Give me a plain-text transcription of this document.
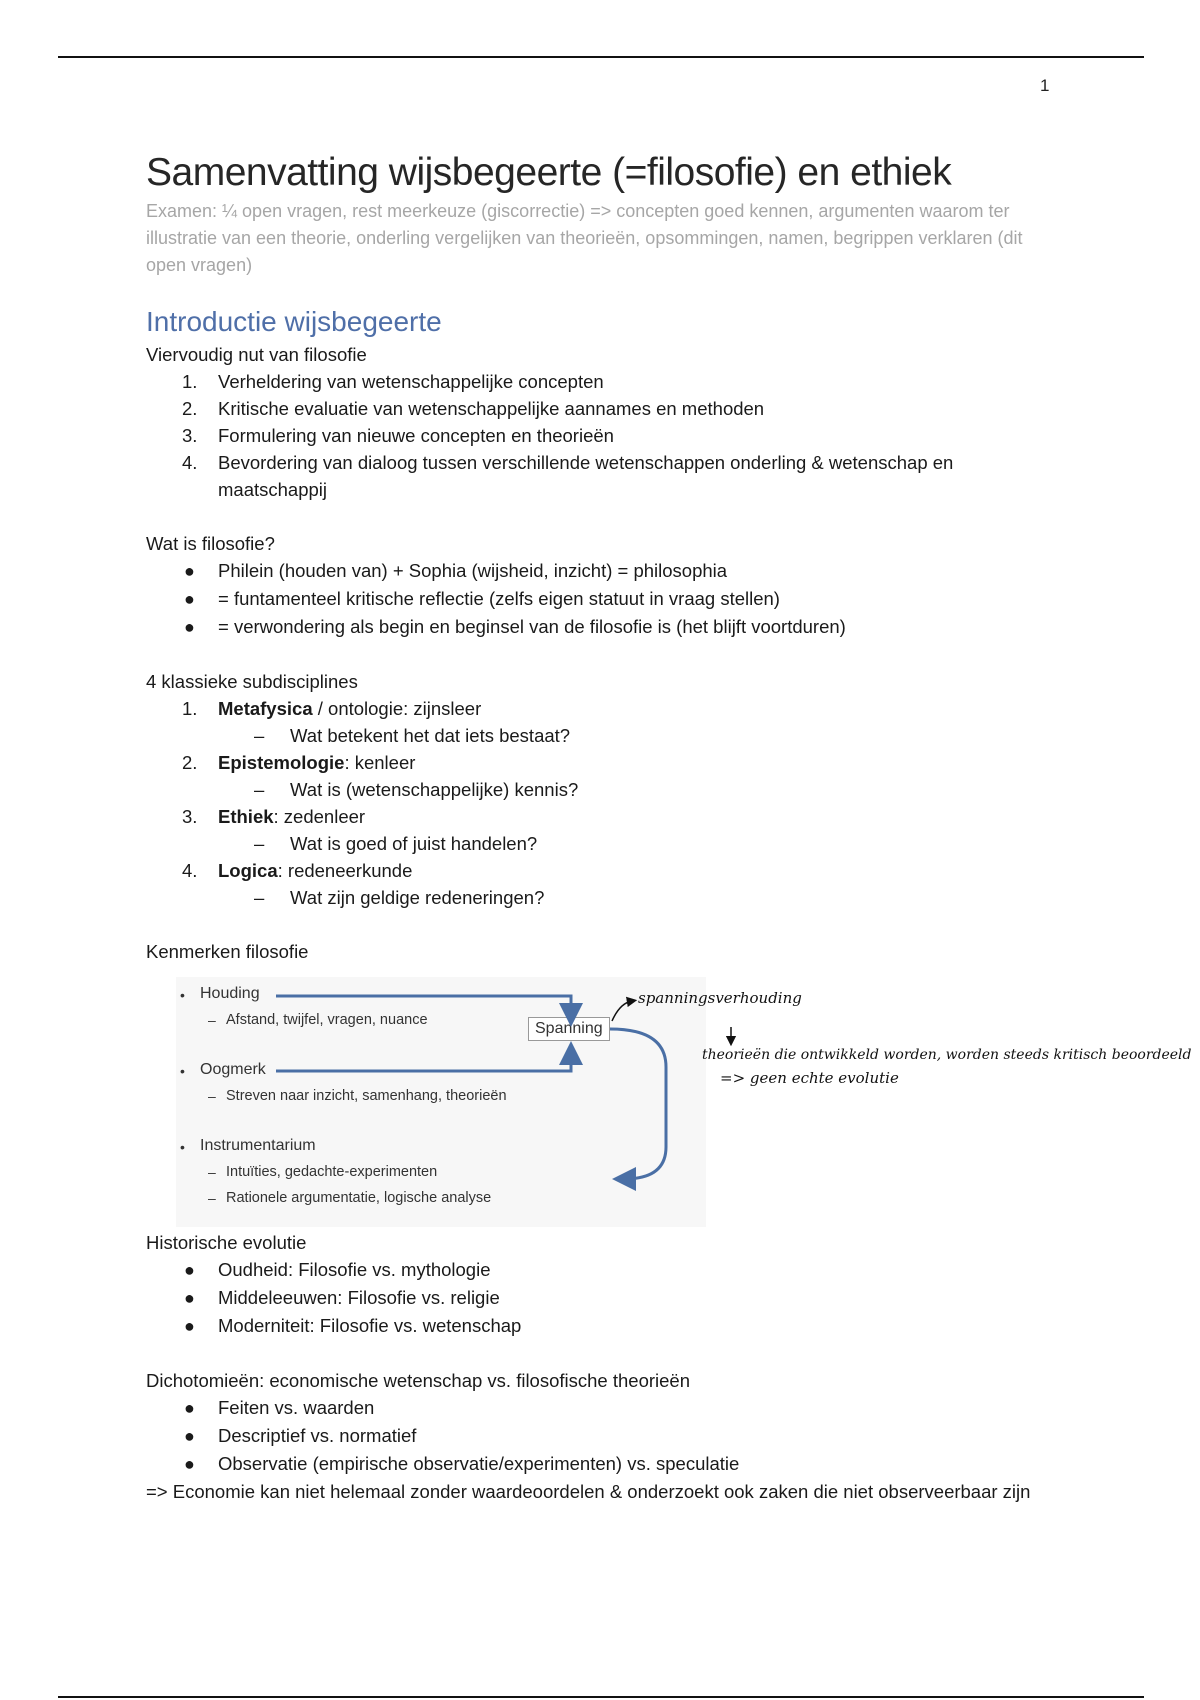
1
Samenvatting wijsbegeerte (=filosofie) en ethiek

Examen: ¼ open vragen, rest meerkeuze (giscorrectie) => concepten goed kennen, argumenten waarom ter illustratie van een theorie, onderling vergelijken van theorieën, opsommingen, namen, begrippen verklaren (dit open vragen)

Introductie wijsbegeerte

Viervoudig nut van filosofie

1. Verheldering van wetenschappelijke concepten
2. Kritische evaluatie van wetenschappelijke aannames en methoden
3. Formulering van nieuwe concepten en theorieën
4. Bevordering van dialoog tussen verschillende wetenschappen onderling & wetenschap en maatschappij

Wat is filosofie?

● Philein (houden van) + Sophia (wijsheid, inzicht) = philosophia
● = funtamenteel kritische reflectie (zelfs eigen statuut in vraag stellen)
● = verwondering als begin en beginsel van de filosofie is (het blijft voortduren)

4 klassieke subdisciplines

1. Metafysica / ontologie: zijnsleer
– Wat betekent het dat iets bestaat?
2. Epistemologie: kenleer
– Wat is (wetenschappelijke) kennis?
3. Ethiek: zedenleer
– Wat is goed of juist handelen?
4. Logica: redeneerkunde
– Wat zijn geldige redeneringen?

Kenmerken filosofie

• Houding
– Afstand, twijfel, vragen, nuance
• Oogmerk
– Streven naar inzicht, samenhang, theorieën
• Instrumentarium
– Intuïties, gedachte-experimenten
– Rationele argumentatie, logische analyse
Spanning
spanningsverhouding
theorieën die ontwikkeld worden, worden steeds kritisch beoordeeld
=> geen echte evolutie

Historische evolutie

● Oudheid: Filosofie vs. mythologie
● Middeleeuwen: Filosofie vs. religie
● Moderniteit: Filosofie vs. wetenschap

Dichotomieën: economische wetenschap vs. filosofische theorieën

● Feiten vs. waarden
● Descriptief vs. normatief
● Observatie (empirische observatie/experimenten) vs. speculatie

=> Economie kan niet helemaal zonder waardeoordelen & onderzoekt ook zaken die niet observeerbaar zijn
